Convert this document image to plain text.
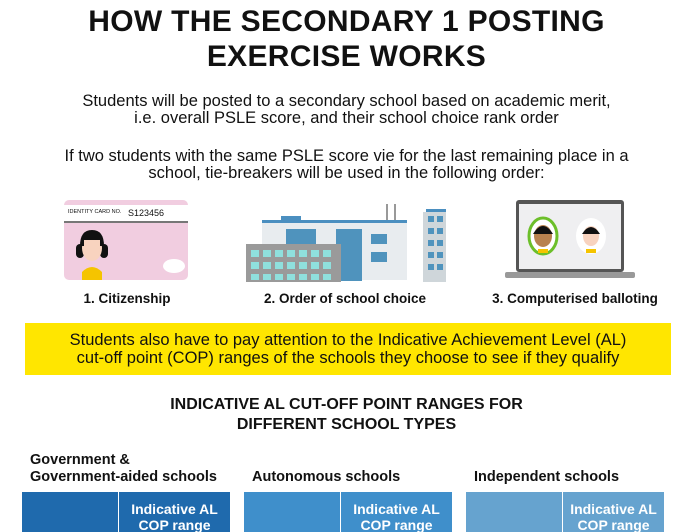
HOW THE SECONDARY 1 POSTING
EXERCISE WORKS
Students will be posted to a secondary school based on academic merit,
i.e. overall PSLE score, and their school choice rank order
If two students with the same PSLE score vie for the last remaining place in a
school, tie-breakers will be used in the following order:
IDENTITY CARD NO. S123456
1. Citizenship	2. Order of school choice	3. Computerised balloting
Students also have to pay attention to the Indicative Achievement Level (AL)
cut-off point (COP) ranges of the schools they choose to see if they qualify
INDICATIVE AL CUT-OFF POINT RANGES FOR
DIFFERENT SCHOOL TYPES
Government &
Government-aided schools Autonomous schools	Independent schools
Indicative AL
COP range
Indicative AL
COP range
Indicative AL
COP range
